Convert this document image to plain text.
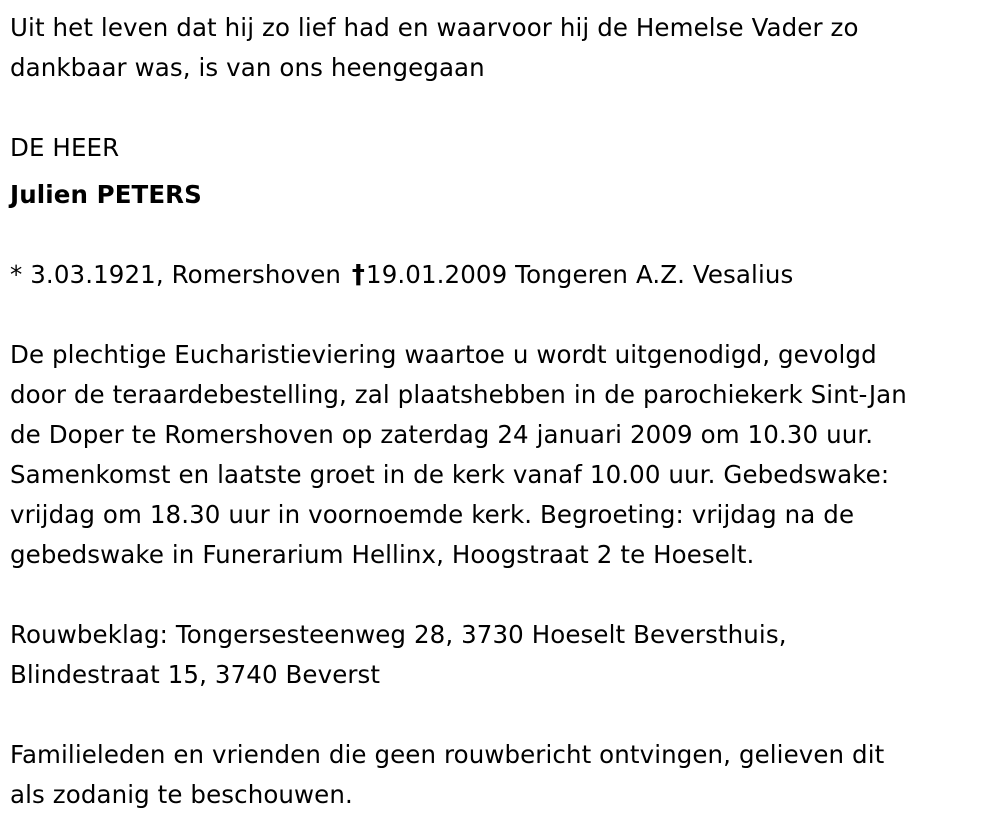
Uit het leven dat hij zo lief had en waarvoor hij de Hemelse Vader zo
dankbaar was, is van ons heengegaan
DE HEER
Julien PETERS
* 3.03.1921, Romershoven †19.01.2009 Tongeren A.Z. Vesalius
De plechtige Eucharistieviering waartoe u wordt uitgenodigd, gevolgd
door de teraardebestelling, zal plaatshebben in de parochiekerk Sint-Jan
de Doper te Romershoven op zaterdag 24 januari 2009 om 10.30 uur.
Samenkomst en laatste groet in de kerk vanaf 10.00 uur. Gebedswake:
vrijdag om 18.30 uur in voornoemde kerk. Begroeting: vrijdag na de
gebedswake in Funerarium Hellinx, Hoogstraat 2 te Hoeselt.
Rouwbeklag: Tongersesteenweg 28, 3730 Hoeselt Beversthuis,
Blindestraat 15, 3740 Beverst
Familieleden en vrienden die geen rouwbericht ontvingen, gelieven dit
als zodanig te beschouwen.
